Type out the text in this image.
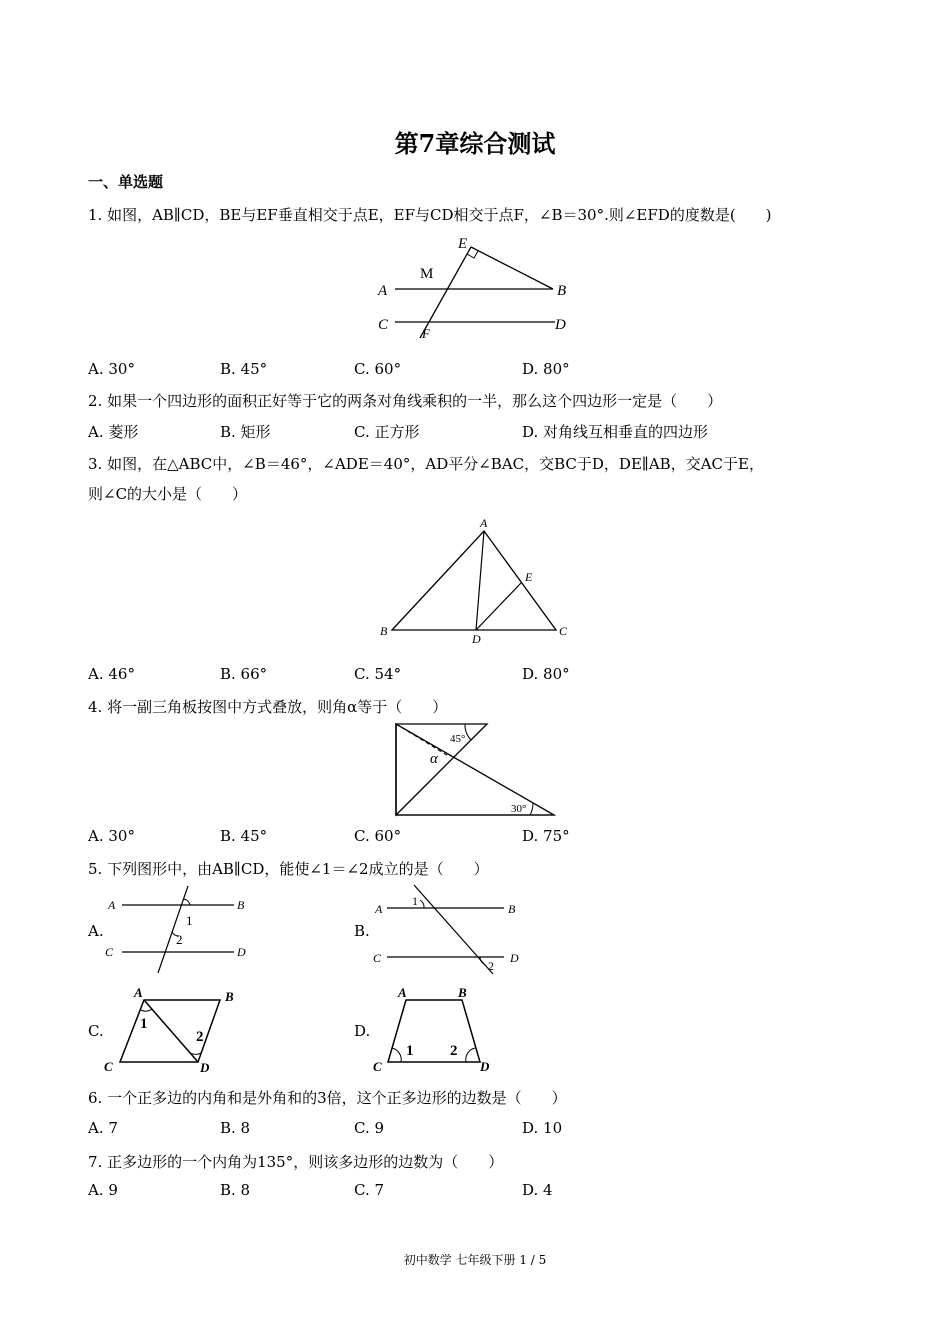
第7章综合测试
一、单选题
1. 如图，AB∥CD，BE与EF垂直相交于点E，EF与CD相交于点F，∠B＝30°.则∠EFD的度数是(  )
E
M
A	B
C	D
F
A. 30°	B. 45°	C. 60°	D. 80°
2. 如果一个四边形的面积正好等于它的两条对角线乘积的一半，那么这个四边形一定是（  ）
A. 菱形	B. 矩形	C. 正方形	D. 对角线互相垂直的四边形
3. 如图，在△ABC中，∠B＝46°，∠ADE＝40°，AD平分∠BAC，交BC于D，DE∥AB，交AC于E，
则∠C的大小是（  ）
A
E
B
D
C
A. 46°	B. 66°	C. 54°	D. 80°
4. 将一副三角板按图中方式叠放，则角α等于（  ）
45°
α
30°
A. 30°	B. 45°	C. 60°	D. 75°
5. 下列图形中，由AB∥CD，能使∠1＝∠2成立的是（  ）
A.
A	B
C	D
1
2	B.
A	B
C	D
1
2
C.
A	B
C	D
1
2	D.
A	B
C	D
1 2
6. 一个正多边的内角和是外角和的3倍，这个正多边形的边数是（  ）
A. 7	B. 8	C. 9	D. 10
7. 正多边形的一个内角为135°，则该多边形的边数为（  ）
A. 9	B. 8	C. 7	D. 4
初中数学 七年级下册 1 / 5
